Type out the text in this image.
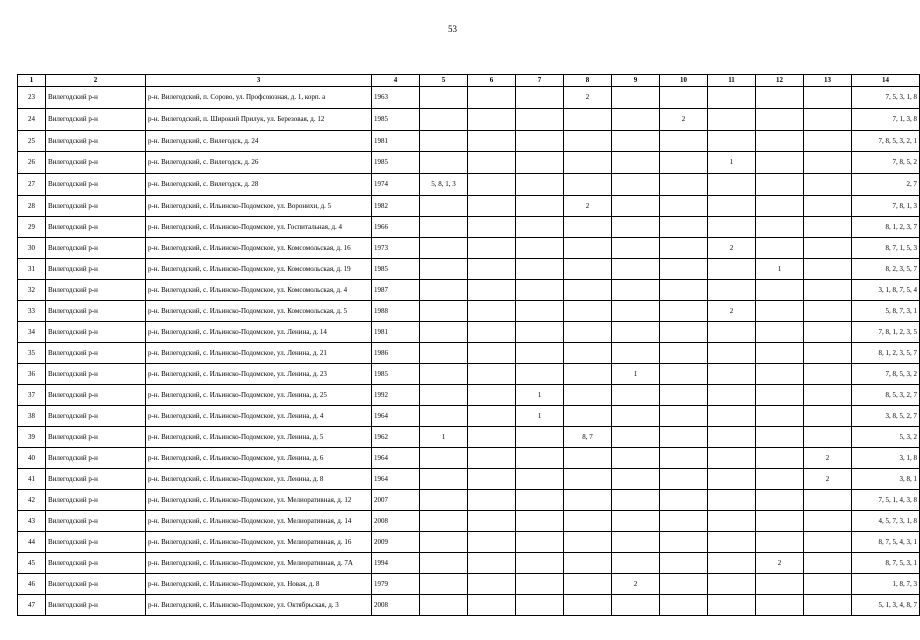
53
1	2	3	4	5	6	7	8	9	10	11	12	13	14
23	Вилегодский р-н	р-н. Вилегодский, п. Сорово, ул. Профсоюзная, д. 1, корп. а	1963				2						7, 5, 3, 1, 8
24	Вилегодский р-н	р-н. Вилегодский, п. Широкий Прилук, ул. Березовая, д. 12	1985						2				7, 1, 3, 8
25	Вилегодский р-н	р-н. Вилегодский, с. Вилегодск, д. 24	1981										7, 8, 5, 3, 2, 1
26	Вилегодский р-н	р-н. Вилегодский, с. Вилегодск, д. 26	1985							1			7, 8, 5, 2
27	Вилегодский р-н	р-н. Вилегодский, с. Вилегодск, д. 28	1974	5, 8, 1, 3									2, 7
28	Вилегодский р-н	р-н. Вилегодский, с. Ильинско-Подомское, ул. Воронихи, д. 5	1982				2						7, 8, 1, 3
29	Вилегодский р-н	р-н. Вилегодский, с. Ильинско-Подомское, ул. Госпитальная, д. 4	1966										8, 1, 2, 3, 7
30	Вилегодский р-н	р-н. Вилегодский, с. Ильинско-Подомское, ул. Комсомольская, д. 16	1973							2			8, 7, 1, 5, 3
31	Вилегодский р-н	р-н. Вилегодский, с. Ильинско-Подомское, ул. Комсомольская, д. 19	1985								1		8, 2, 3, 5, 7
32	Вилегодский р-н	р-н. Вилегодский, с. Ильинско-Подомское, ул. Комсомольская, д. 4	1987										3, 1, 8, 7, 5, 4
33	Вилегодский р-н	р-н. Вилегодский, с. Ильинско-Подомское, ул. Комсомольская, д. 5	1988							2			5, 8, 7, 3, 1
34	Вилегодский р-н	р-н. Вилегодский, с. Ильинско-Подомское, ул. Ленина, д. 14	1981										7, 8, 1, 2, 3, 5
35	Вилегодский р-н	р-н. Вилегодский, с. Ильинско-Подомское, ул. Ленина, д. 21	1986										8, 1, 2, 3, 5, 7
36	Вилегодский р-н	р-н. Вилегодский, с. Ильинско-Подомское, ул. Ленина, д. 23	1985					1					7, 8, 5, 3, 2
37	Вилегодский р-н	р-н. Вилегодский, с. Ильинско-Подомское, ул. Ленина, д. 25	1992			1							8, 5, 3, 2, 7
38	Вилегодский р-н	р-н. Вилегодский, с. Ильинско-Подомское, ул. Ленина, д. 4	1964			1							3, 8, 5, 2, 7
39	Вилегодский р-н	р-н. Вилегодский, с. Ильинско-Подомское, ул. Ленина, д. 5	1962	1			8, 7						5, 3, 2
40	Вилегодский р-н	р-н. Вилегодский, с. Ильинско-Подомское, ул. Ленина, д. 6	1964									2	3, 1, 8
41	Вилегодский р-н	р-н. Вилегодский, с. Ильинско-Подомское, ул. Ленина, д. 8	1964									2	3, 8, 1
42	Вилегодский р-н	р-н. Вилегодский, с. Ильинско-Подомское, ул. Мелиоративная, д. 12	2007										7, 5, 1, 4, 3, 8
43	Вилегодский р-н	р-н. Вилегодский, с. Ильинско-Подомское, ул. Мелиоративная, д. 14	2008										4, 5, 7, 3, 1, 8
44	Вилегодский р-н	р-н. Вилегодский, с. Ильинско-Подомское, ул. Мелиоративная, д. 16	2009										8, 7, 5, 4, 3, 1
45	Вилегодский р-н	р-н. Вилегодский, с. Ильинско-Подомское, ул. Мелиоративная, д. 7А	1994								2		8, 7, 5, 3, 1
46	Вилегодский р-н	р-н. Вилегодский, с. Ильинско-Подомское, ул. Новая, д. 8	1979					2					1, 8, 7, 3
47	Вилегодский р-н	р-н. Вилегодский, с. Ильинско-Подомское, ул. Октябрьская, д. 3	2008										5, 1, 3, 4, 8, 7
